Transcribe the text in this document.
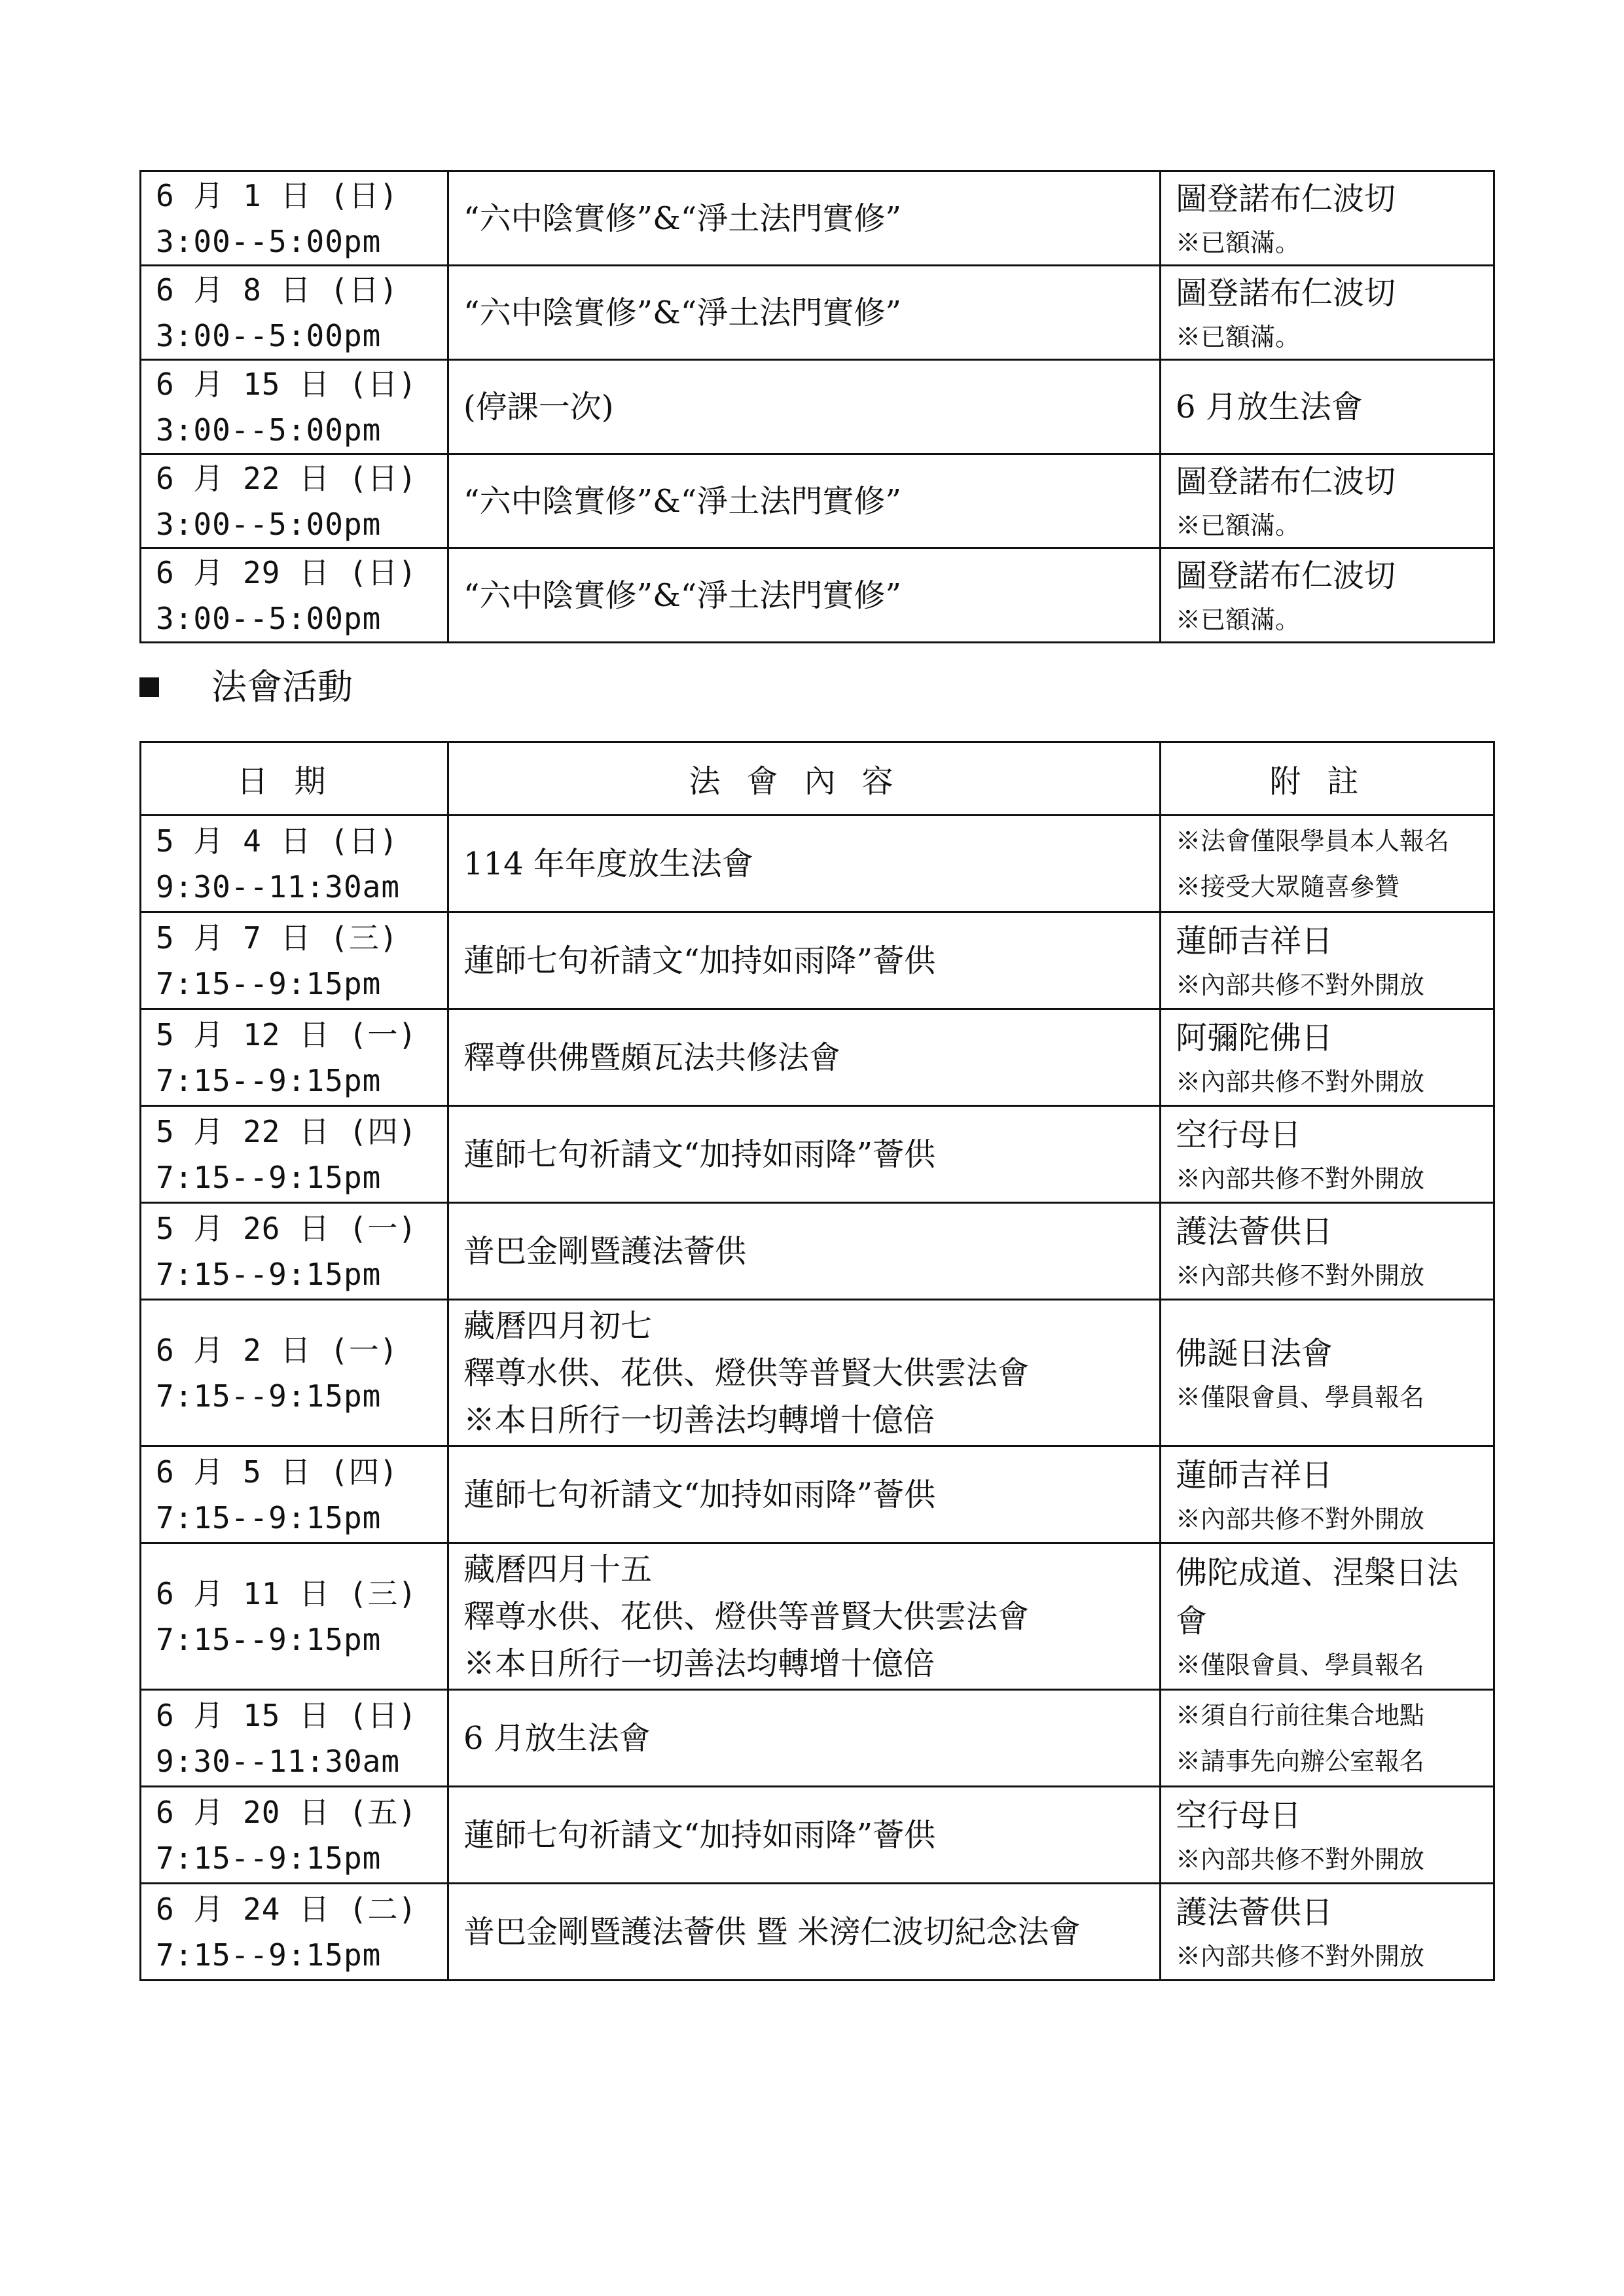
6 月 1 日 (日)
3:00--5:00pm	“六中陰實修”&“淨土法門實修”	圖登諾布仁波切
※已額滿。

6 月 8 日 (日)
3:00--5:00pm	“六中陰實修”&“淨土法門實修”	圖登諾布仁波切
※已額滿。

6 月 15 日 (日)
3:00--5:00pm	(停課一次)	6 月放生法會

6 月 22 日 (日)
3:00--5:00pm	“六中陰實修”&“淨土法門實修”	圖登諾布仁波切
※已額滿。

6 月 29 日 (日)
3:00--5:00pm	“六中陰實修”&“淨土法門實修”	圖登諾布仁波切
※已額滿。
法會活動
日期	法會內容	附註

5 月 4 日 (日)
9:30--11:30am	114 年年度放生法會	※法會僅限學員本人報名
※接受大眾隨喜參贊

5 月 7 日 (三)
7:15--9:15pm	蓮師七句祈請文“加持如雨降”薈供	蓮師吉祥日
※內部共修不對外開放

5 月 12 日 (一)
7:15--9:15pm	釋尊供佛暨頗瓦法共修法會	阿彌陀佛日
※內部共修不對外開放

5 月 22 日 (四)
7:15--9:15pm	蓮師七句祈請文“加持如雨降”薈供	空行母日
※內部共修不對外開放

5 月 26 日 (一)
7:15--9:15pm	普巴金剛暨護法薈供	護法薈供日
※內部共修不對外開放

6 月 2 日 (一)
7:15--9:15pm	藏曆四月初七
釋尊水供、花供、燈供等普賢大供雲法會
※本日所行一切善法均轉增十億倍	佛誕日法會
※僅限會員、學員報名

6 月 5 日 (四)
7:15--9:15pm	蓮師七句祈請文“加持如雨降”薈供	蓮師吉祥日
※內部共修不對外開放

6 月 11 日 (三)
7:15--9:15pm	藏曆四月十五
釋尊水供、花供、燈供等普賢大供雲法會
※本日所行一切善法均轉增十億倍	佛陀成道、涅槃日法會
※僅限會員、學員報名

6 月 15 日 (日)
9:30--11:30am	6 月放生法會	※須自行前往集合地點
※請事先向辦公室報名

6 月 20 日 (五)
7:15--9:15pm	蓮師七句祈請文“加持如雨降”薈供	空行母日
※內部共修不對外開放

6 月 24 日 (二)
7:15--9:15pm	普巴金剛暨護法薈供 暨 米滂仁波切紀念法會	護法薈供日
※內部共修不對外開放
